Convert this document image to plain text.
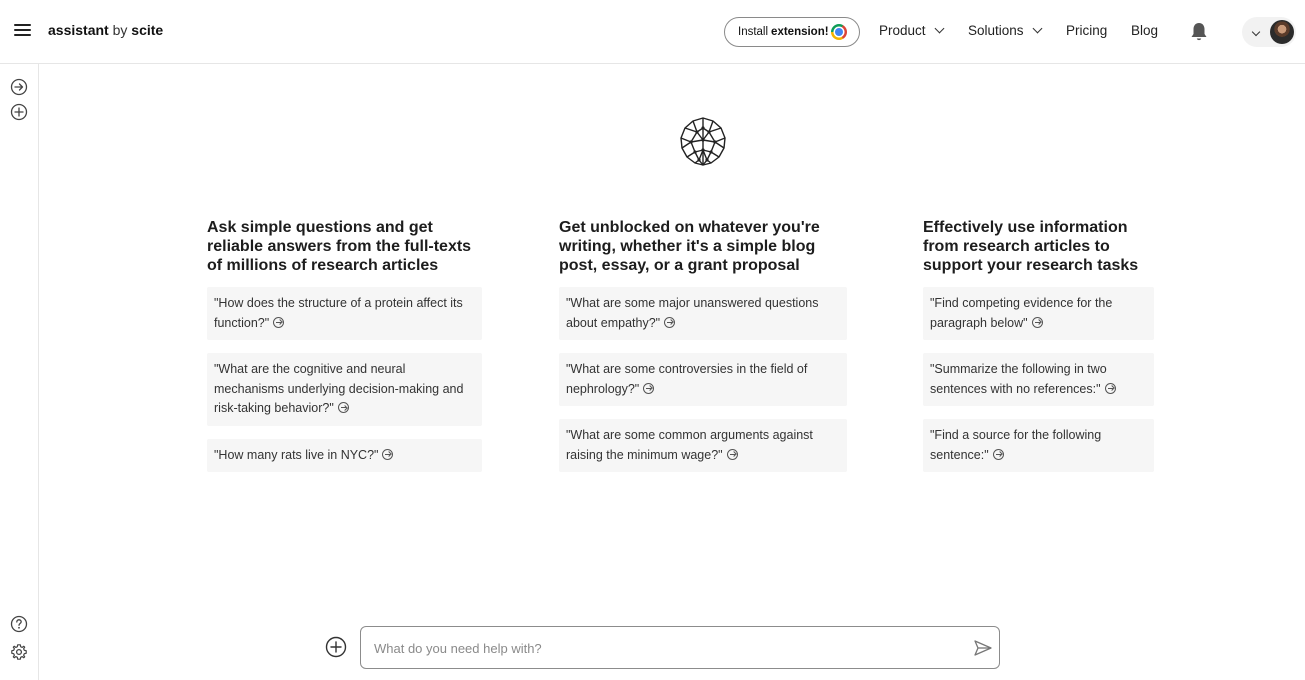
assistant by scite	Install extension!	Product	Solutions	Pricing Blog
Ask simple questions and get reliable answers from the full-texts of millions of research articles
"How does the structure of a protein affect its function?"
"What are the cognitive and neural mechanisms underlying decision-making and risk-taking behavior?"
"How many rats live in NYC?"
Get unblocked on whatever you're writing, whether it's a simple blog post, essay, or a grant proposal
"What are some major unanswered questions about empathy?"
"What are some controversies in the field of nephrology?"
"What are some common arguments against raising the minimum wage?"
Effectively use information from research articles to support your research tasks
"Find competing evidence for the paragraph below"
"Summarize the following in two sentences with no references:"
"Find a source for the following sentence:"
What do you need help with?
